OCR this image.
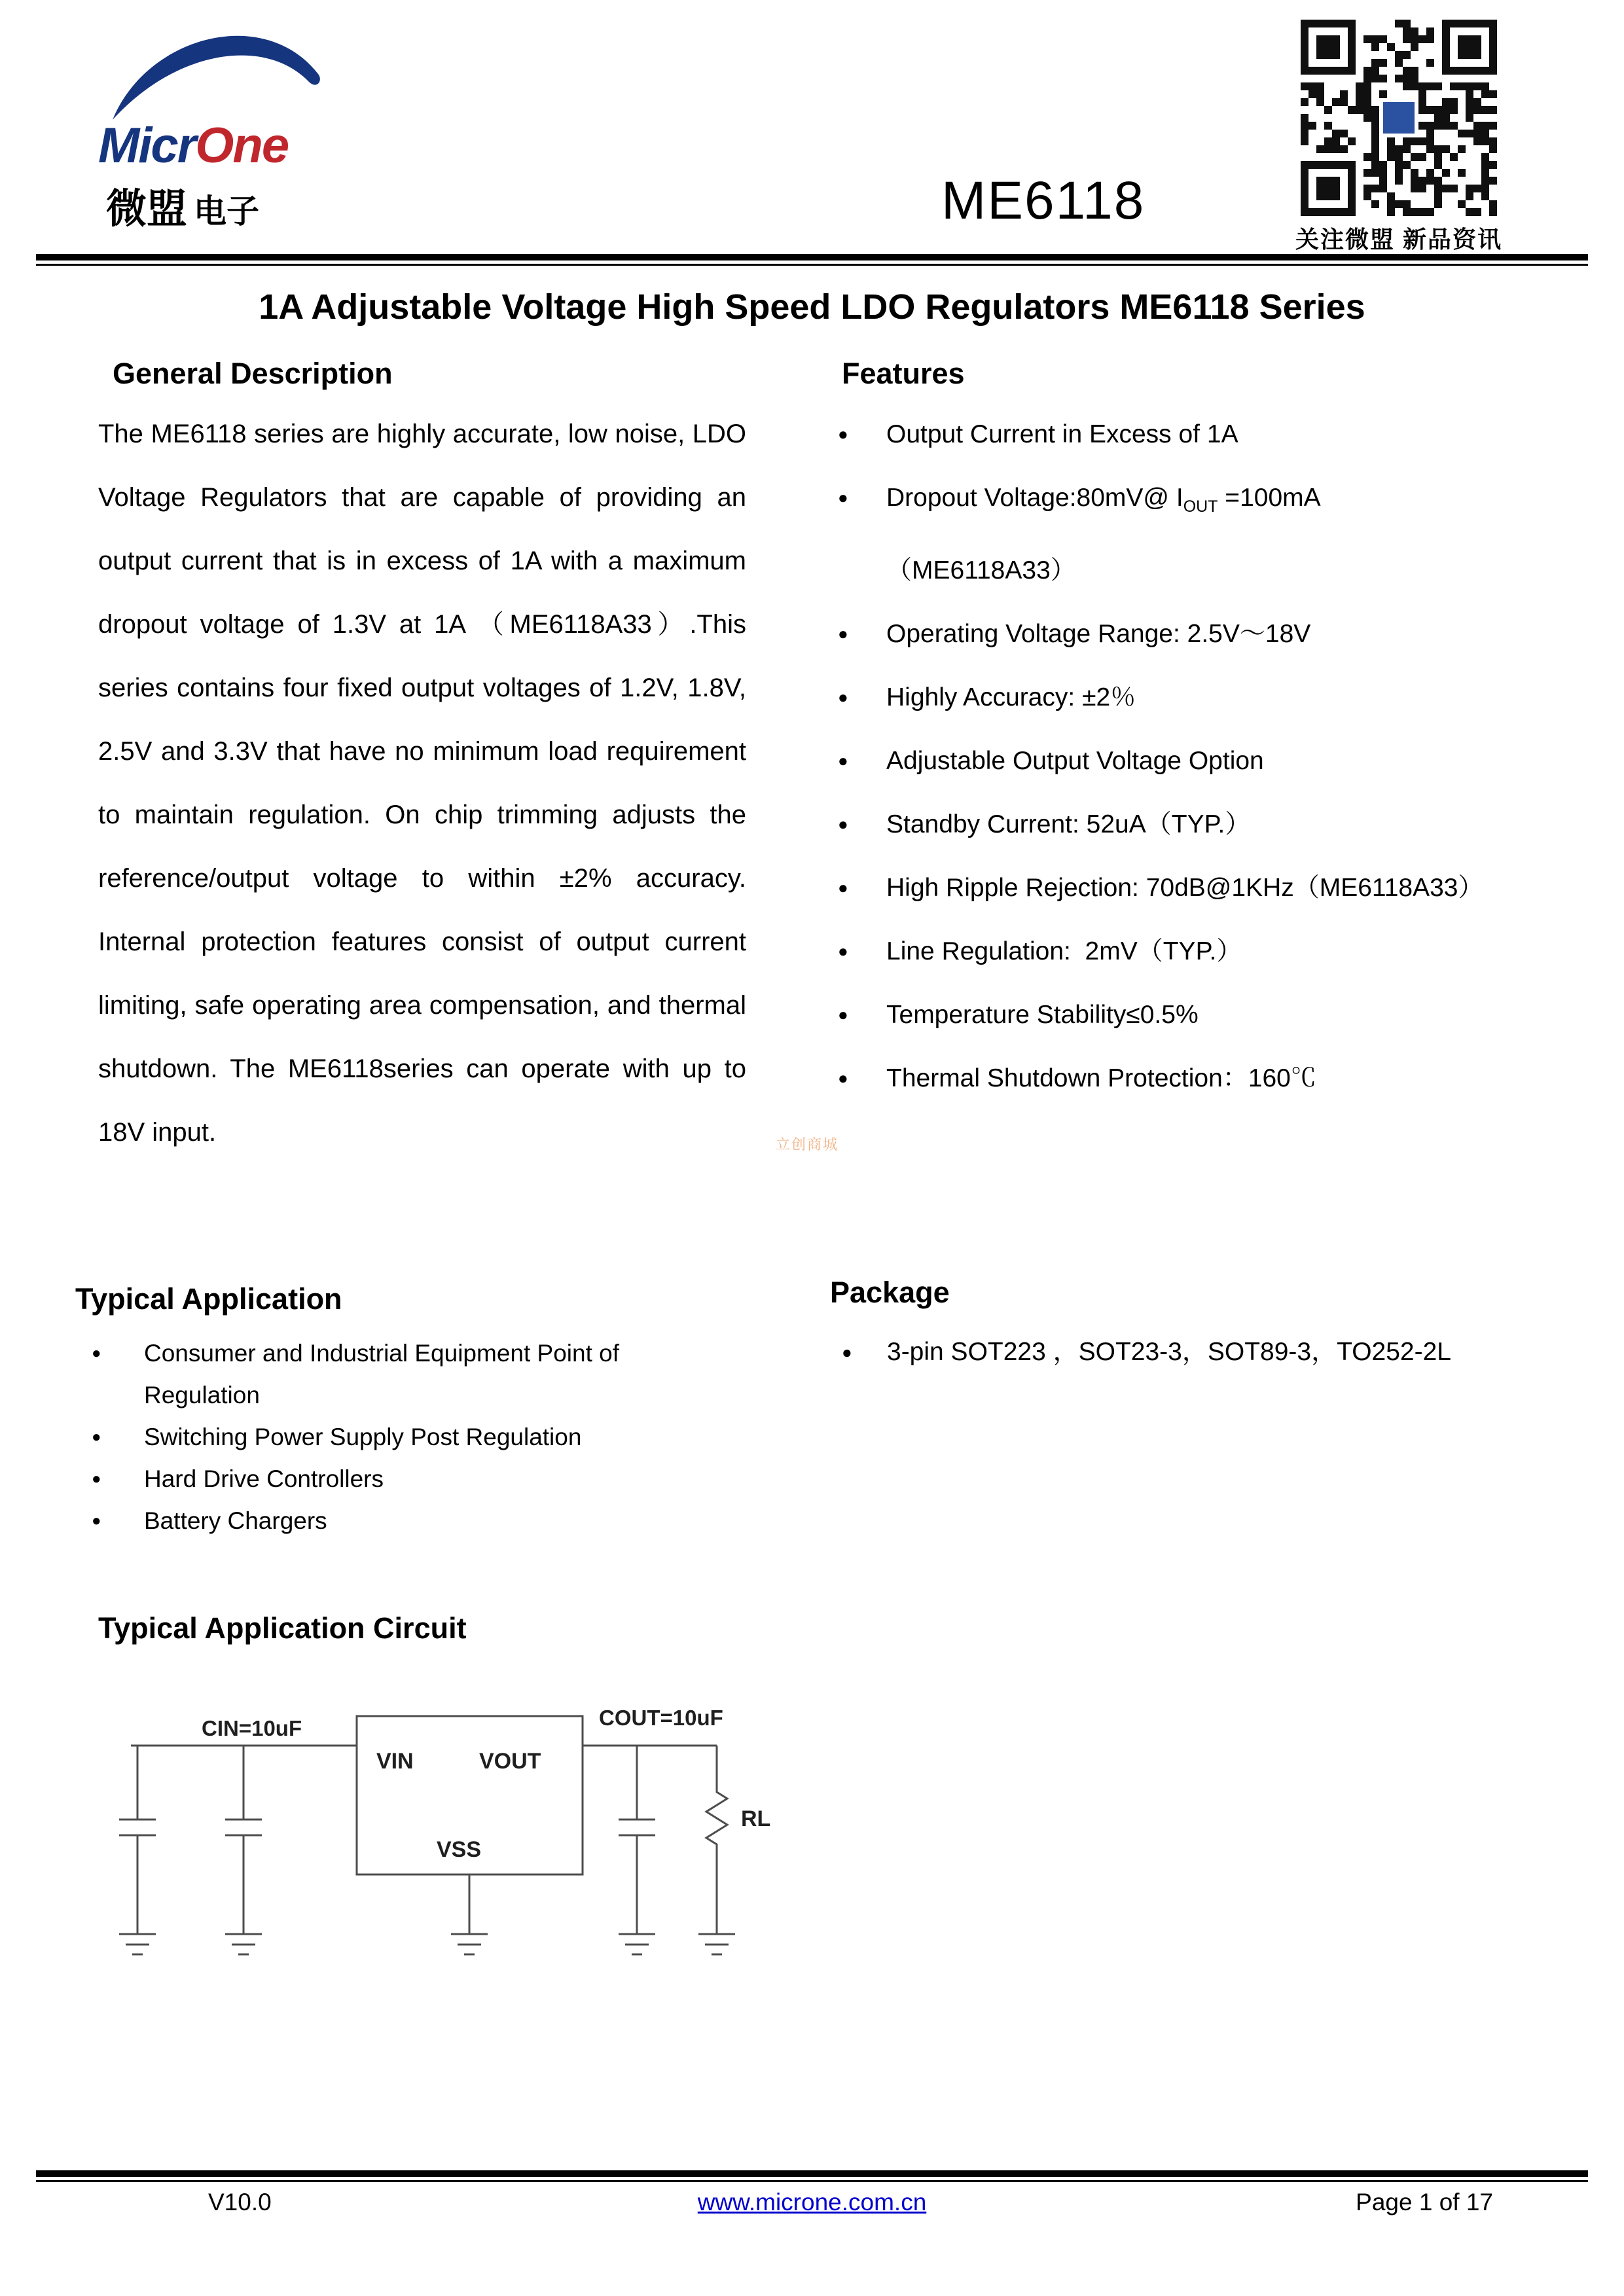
MicrOne
微盟 电子	ME6118
关注微盟 新品资讯
1A Adjustable Voltage High Speed LDO Regulators ME6118 Series
General Description

The ME6118 series are highly accurate, low noise, LDO Voltage Regulators that are capable of providing an output current that is in excess of 1A with a maximum dropout voltage of 1.3V at 1A （ME6118A33）.This series contains four fixed output voltages of 1.2V, 1.8V, 2.5V and 3.3V that have no minimum load requirement to maintain regulation. On chip trimming adjusts the reference/output voltage to within ±2% accuracy. Internal protection features consist of output current limiting, safe operating area compensation, and thermal shutdown. The ME6118series can operate with up to 18V input.

Features
●	Output Current in Excess of 1A
●	Dropout Voltage:80mV@ $I_{OUT} =100mA$
（ME6118A33）
●	Operating Voltage Range: 2.5V～18V
●	Highly Accuracy: ±2％
●	Adjustable Output Voltage Option
●	Standby Current: 52uA（TYP.）
●	High Ripple Rejection: 70dB@1KHz（ME6118A33）
●	Line Regulation:  2mV（TYP.）
●	Temperature Stability≤0.5%
●	Thermal Shutdown Protection：160℃
Typical Application
●	Consumer and Industrial Equipment Point of Regulation
●	Switching Power Supply Post Regulation
●	Hard Drive Controllers
●	Battery Chargers
Package
●	3-pin SOT223 ，SOT23-3，SOT89-3，TO252-2L
Typical Application Circuit
CIN=10uF	COUT=10uF
VIN	VOUT
VSS
RL
立创商城
V10.0	www.microne.com.cn	Page 1 of 17
